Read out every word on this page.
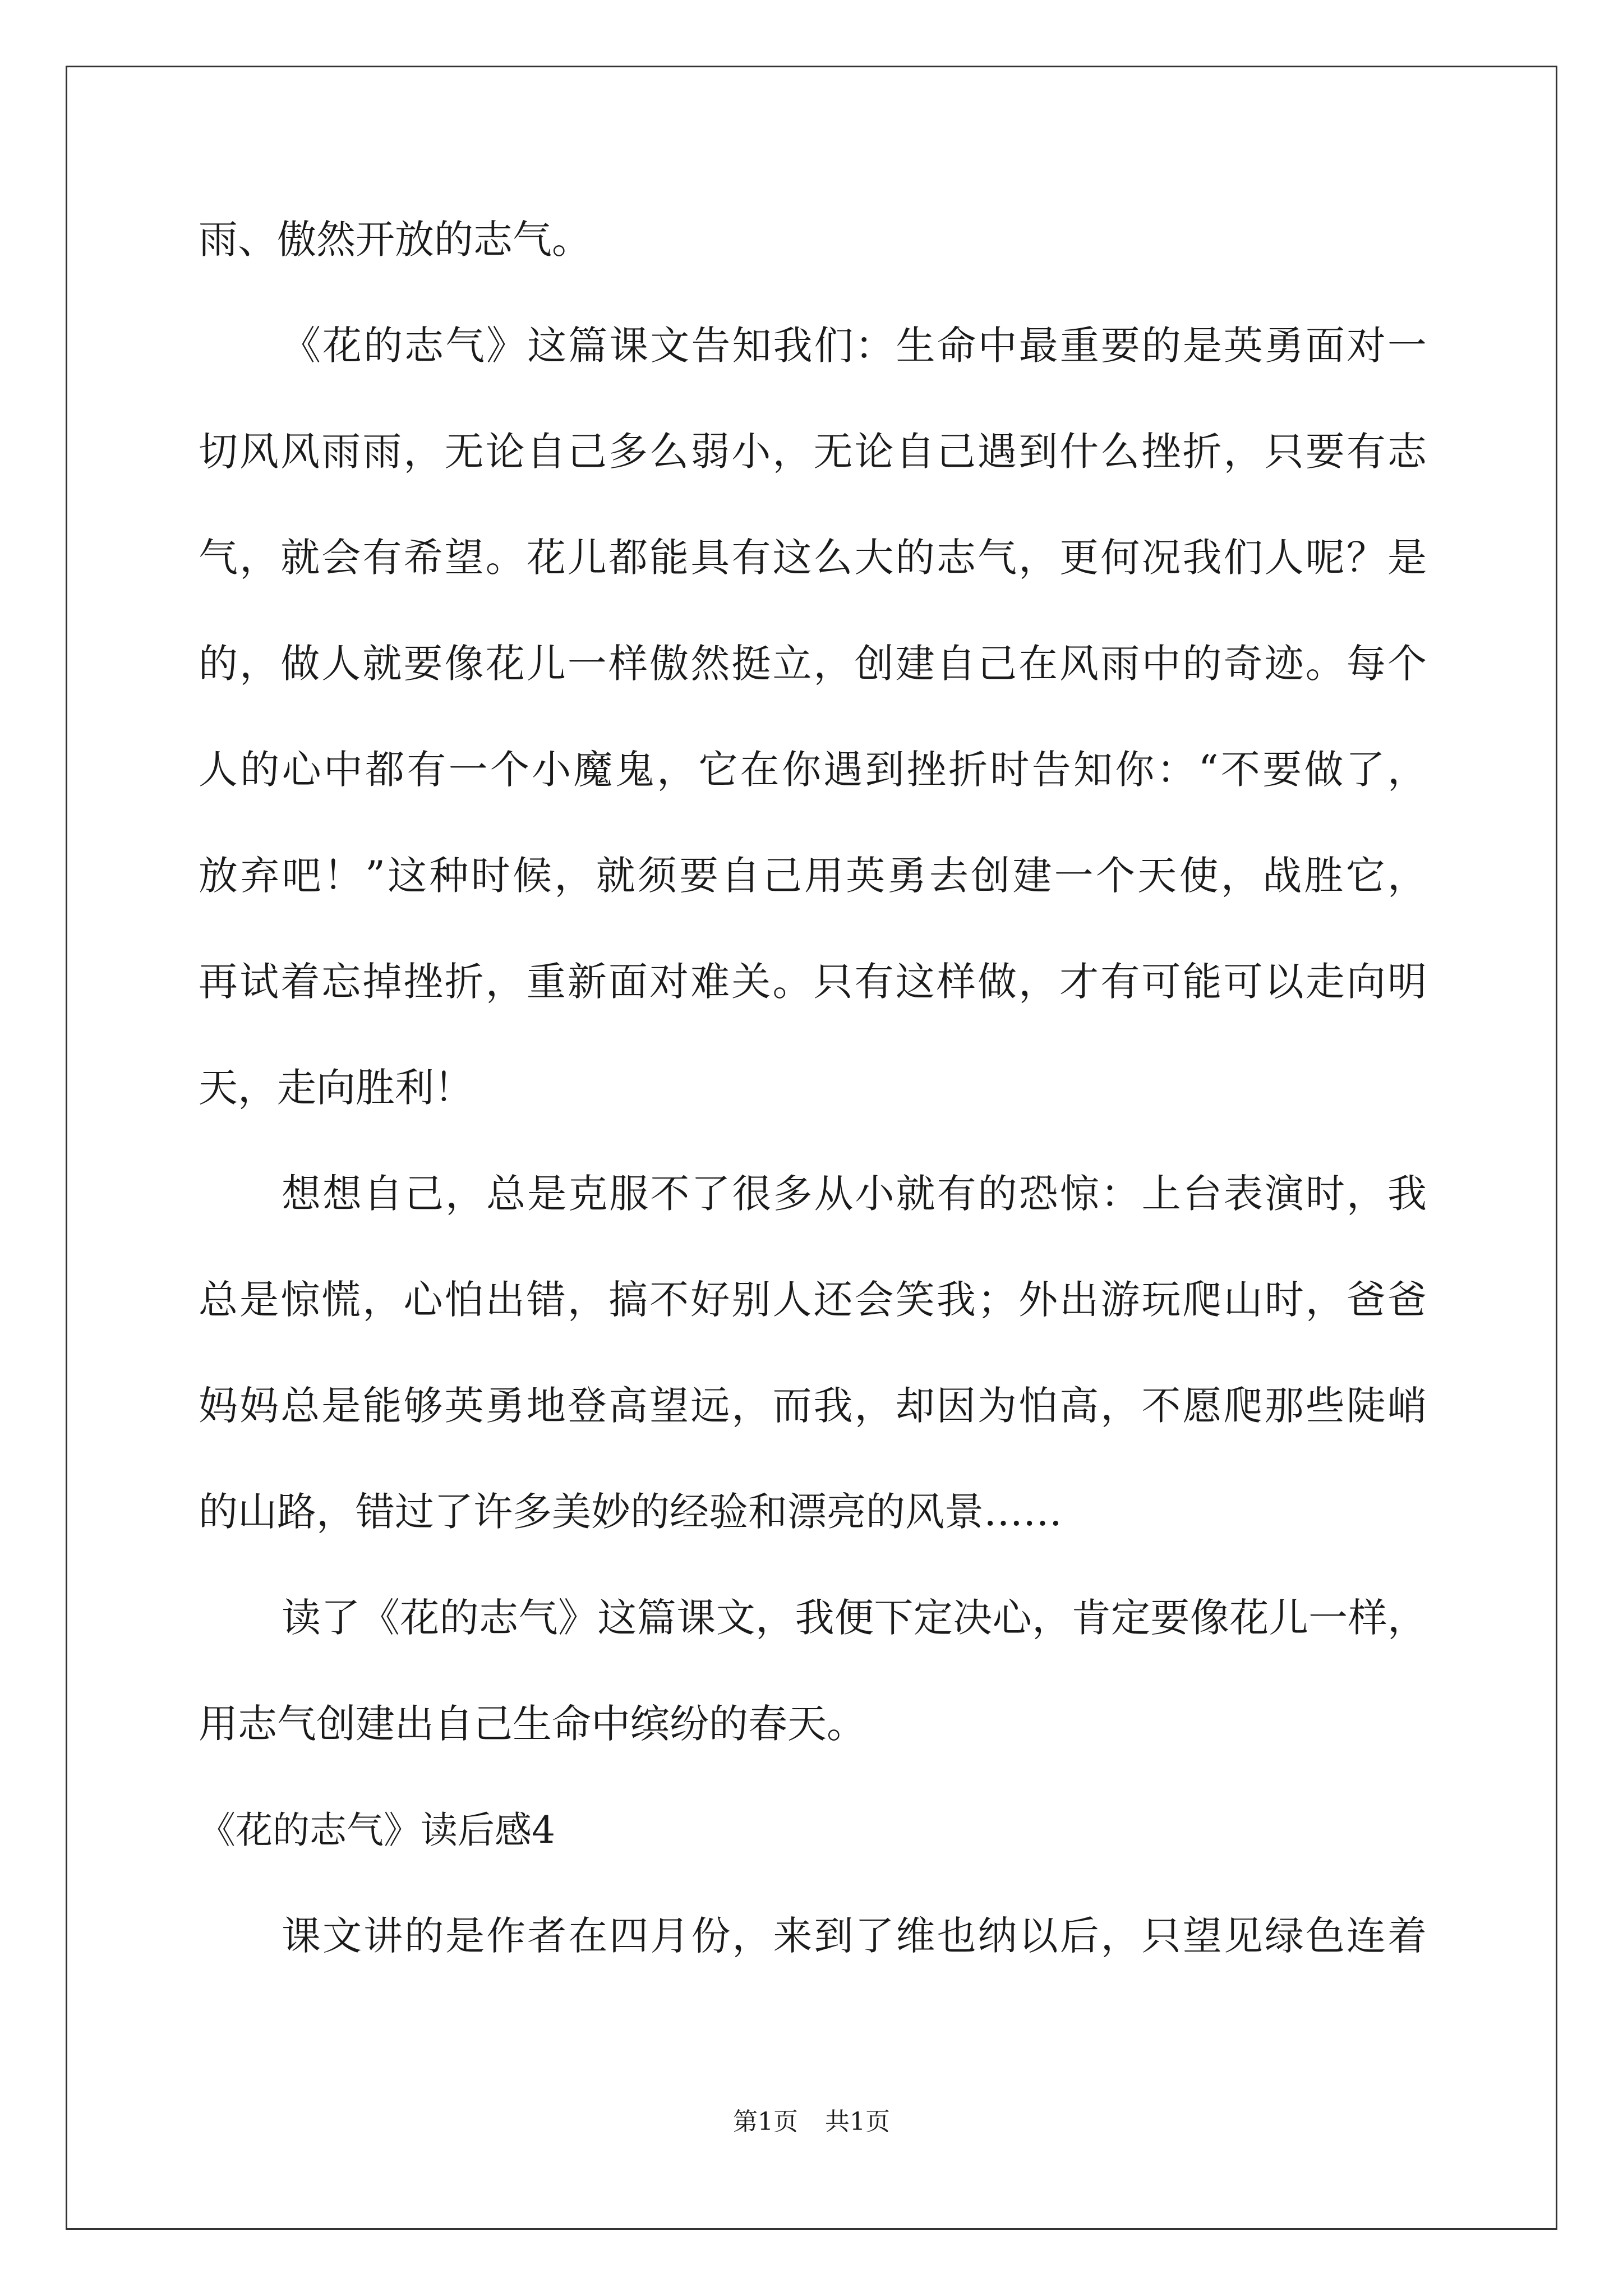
雨、傲然开放的志气。
《花的志气》这篇课文告知我们：生命中最重要的是英勇面对一
切风风雨雨，无论自己多么弱小，无论自己遇到什么挫折，只要有志
气，就会有希望。花儿都能具有这么大的志气，更何况我们人呢？是
的，做人就要像花儿一样傲然挺立，创建自己在风雨中的奇迹。每个
人的心中都有一个小魔鬼，它在你遇到挫折时告知你：“不要做了，
放弃吧！”这种时候，就须要自己用英勇去创建一个天使，战胜它，
再试着忘掉挫折，重新面对难关。只有这样做，才有可能可以走向明
天，走向胜利！
想想自己，总是克服不了很多从小就有的恐惊：上台表演时，我
总是惊慌，心怕出错，搞不好别人还会笑我；外出游玩爬山时，爸爸
妈妈总是能够英勇地登高望远，而我，却因为怕高，不愿爬那些陡峭
的山路，错过了许多美妙的经验和漂亮的风景……
读了《花的志气》这篇课文，我便下定决心，肯定要像花儿一样，
用志气创建出自己生命中缤纷的春天。
《花的志气》读后感4
课文讲的是作者在四月份，来到了维也纳以后，只望见绿色连着
第1页 共1页
